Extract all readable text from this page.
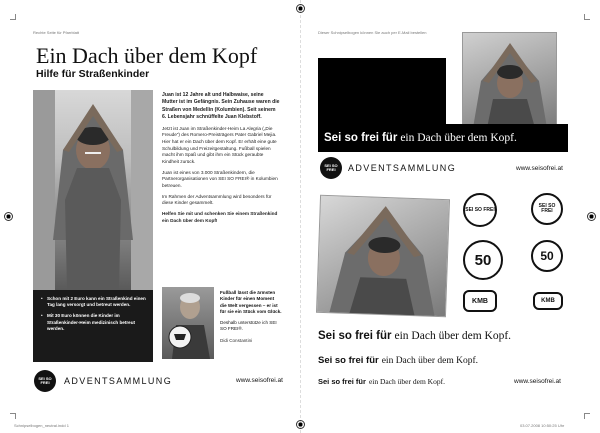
Rechte Seite für Pfarrblatt	Dieser Schnipselbogen können Sie auch per E-Mail bestellen
Schnipselbogen_neutral.indd 1	03.07.2008 10:50:25 Uhr
Ein Dach über dem Kopf
Hilfe für Straßenkinder
• Schon mit 2 Euro kann ein Straßenkind einen Tag lang versorgt und betreut werden.
• Mit 30 Euro können die Kinder im Straßenkinder-Heim medizinisch betreut werden.

Juan ist 12 Jahre alt und Halbwaise, seine Mutter ist im Gefängnis. Sein Zuhause waren die Straßen von Medellin (Kolumbien). Seit seinem 6. Lebensjahr schnüffelte Juan Klebstoff.

Jetzt ist Juan im Straßenkinder-Heim La Alegria („Die Freude“) des Romero-Preisträgers Pater Gabriel Mejia. Hier hat er ein Dach über dem Kopf. Er erhält eine gute Schulbildung und Freizeitgestaltung. Fußball spielen macht ihm Spaß und gibt ihm ein Stück geraubte Kindheit zurück.

Juan ist eines von 3.000 Straßenkindern, die Partnerorganisationen von SEI SO FREI® in Kolumbien betreuen.

Im Rahmen der Adventsammlung wird besonders für diese Kinder gesammelt.

Helfen Sie mit und schenken Sie einem Straßenkind ein Dach über dem Kopf!

Fußball lässt die ärmsten Kinder für einen Moment die Welt vergessen – er ist für sie ein Stück vom Glück.
Deshalb unterstütze ich SEI SO FREI®.
Didi Constantini
SEI SO FREI	ADVENTSAMMLUNG	www.seisofrei.at
Sei so frei für ein Dach über dem Kopf.
SEI SO FREI	ADVENTSAMMLUNG	www.seisofrei.at
SEI SO FREI
SEI SO FREI
50	50
KMB	KMB
Sei so frei für ein Dach über dem Kopf.
Sei so frei für ein Dach über dem Kopf.
Sei so frei für ein Dach über dem Kopf.	www.seisofrei.at
